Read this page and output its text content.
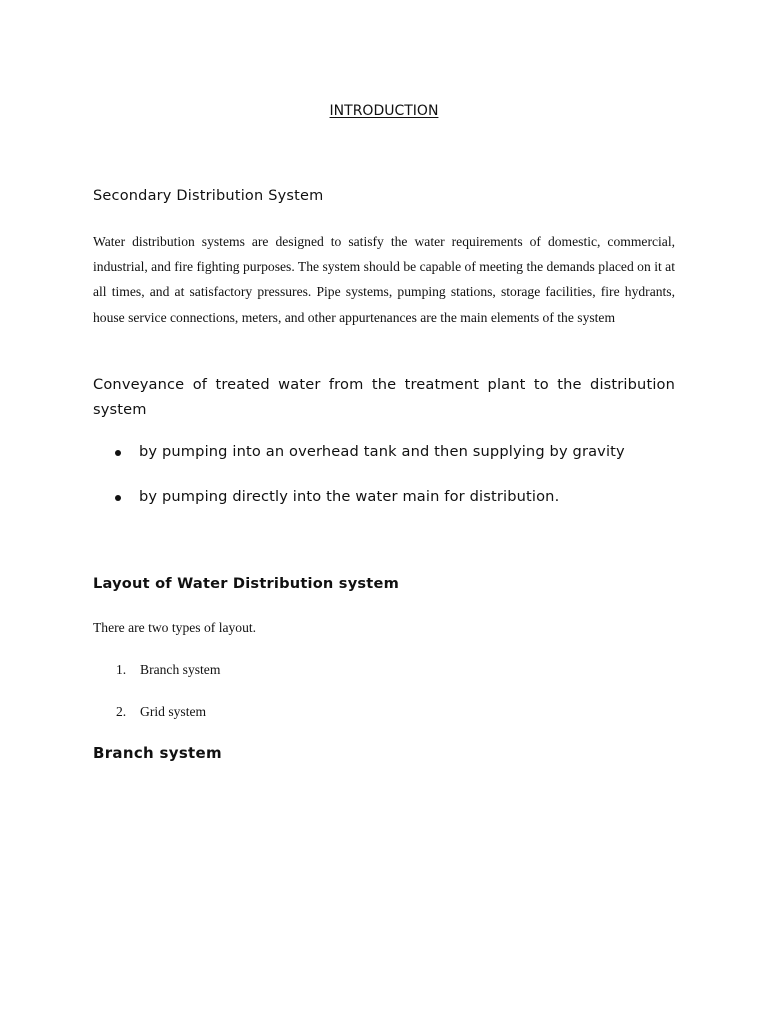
INTRODUCTION
Secondary Distribution System

Water distribution systems are designed to satisfy the water requirements of domestic, commercial, industrial, and fire fighting purposes. The system should be capable of meeting the demands placed on it at all times, and at satisfactory pressures. Pipe systems, pumping stations, storage facilities, fire hydrants, house service connections, meters, and other appurtenances are the main elements of the system

Conveyance of treated water from the treatment plant to the distribution system

by pumping into an overhead tank and then supplying by gravity
by pumping directly into the water main for distribution.
Layout of Water Distribution system
There are two types of layout.
1.	Branch system
2.	Grid system
Branch system
